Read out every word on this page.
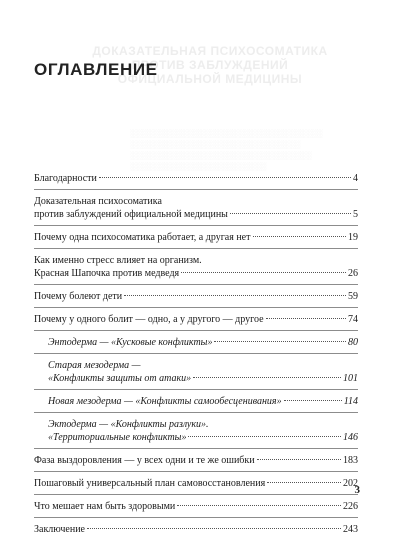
ДОКАЗАТЕЛЬНАЯ ПСИХОСОМАТИКА
ПРОТИВ ЗАБЛУЖДЕНИЙ
ОФИЦИАЛЬНОЙ МЕДИЦИНЫ
░░░░░░░░░░░░░░░░░░░░░░░░░░░░░░░░░░
░░░░░░░░░░░░░░░░░░░░░░░░░░░░░░
░░░░░░░░░░░░░░░░░░░░░░░░░░░░░░░░
░░░░░░░░░░░░░░░░░░░░░░░░
ОГЛАВЛЕНИЕ
Благодарности	4
Доказательная психосоматика
против заблуждений официальной медицины	5
Почему одна психосоматика работает, а другая нет	19
Как именно стресс влияет на организм.
Красная Шапочка против медведя	26
Почему болеют дети	59
Почему у одного болит — одно, а у другого — другое	74
Энтодерма — «Кусковые конфликты»	80
Старая мезодерма —
«Конфликты защиты от атаки»	101
Новая мезодерма — «Конфликты самообесценивания»	114
Эктодерма — «Конфликты разлуки».
«Территориальные конфликты»	146
Фаза выздоровления — у всех одни и те же ошибки	183
Пошаговый универсальный план самовосстановления	202
Что мешает нам быть здоровыми	226
Заключение	243
3
